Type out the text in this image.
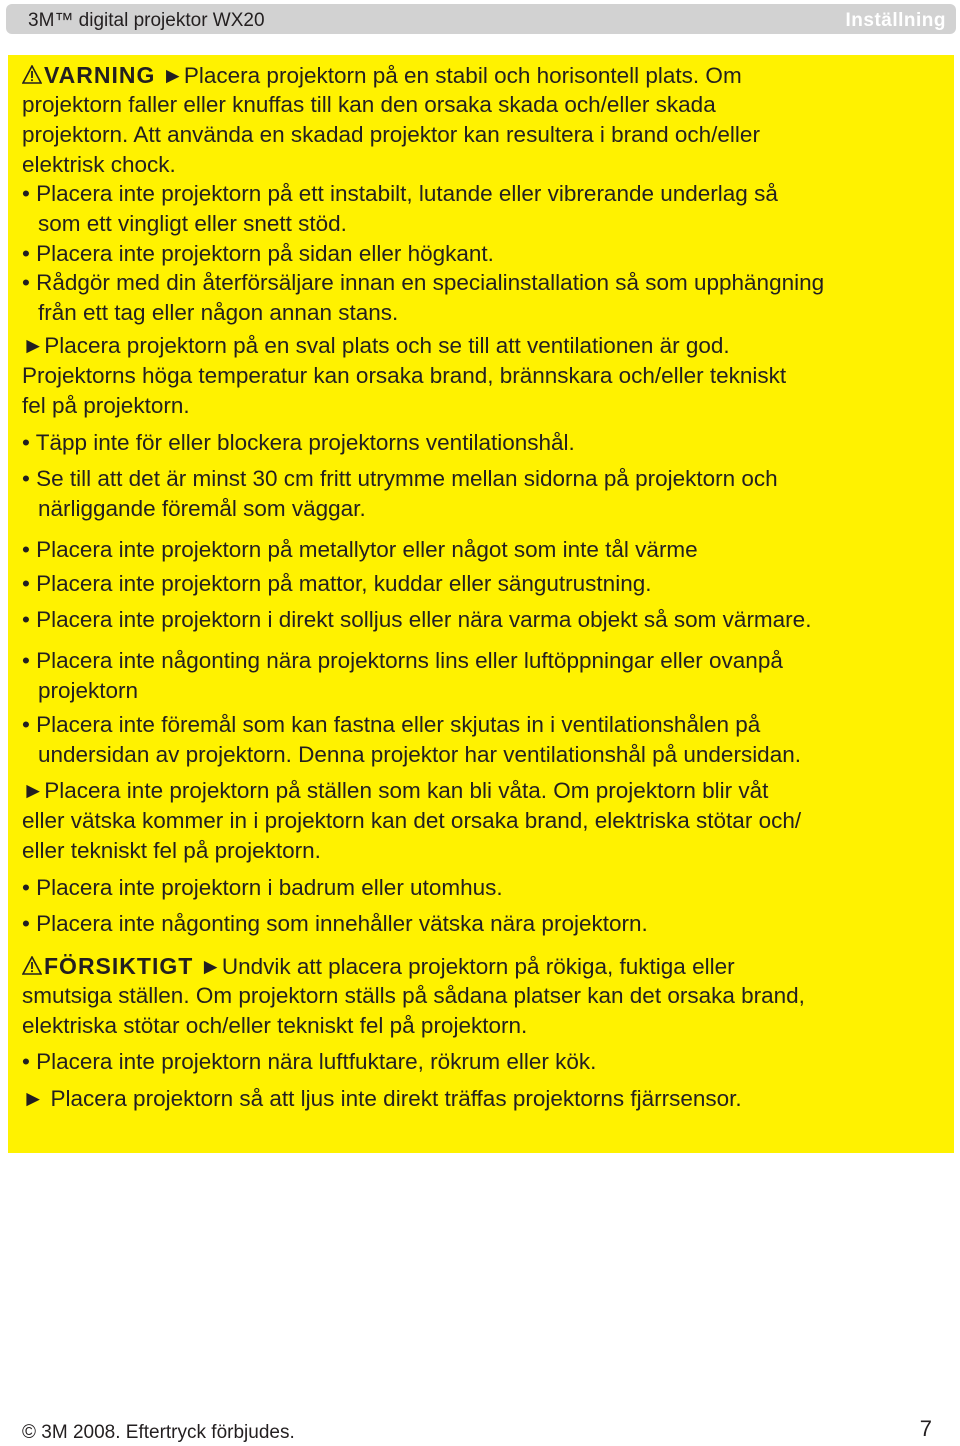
3M™ digital projektor WX20	Inställning
VARNING ►Placera projektorn på en stabil och horisontell plats. Om
projektorn faller eller knuffas till kan den orsaka skada och/eller skada
projektorn. Att använda en skadad projektor kan resultera i brand och/eller
elektrisk chock.
• Placera inte projektorn på ett instabilt, lutande eller vibrerande underlag så
som ett vingligt eller snett stöd.
• Placera inte projektorn på sidan eller högkant.
• Rådgör med din återförsäljare innan en specialinstallation så som upphängning
från ett tag eller någon annan stans.
►Placera projektorn på en sval plats och se till att ventilationen är god.
Projektorns höga temperatur kan orsaka brand, brännskara och/eller tekniskt
fel på projektorn.
• Täpp inte för eller blockera projektorns ventilationshål.
• Se till att det är minst 30 cm fritt utrymme mellan sidorna på projektorn och
närliggande föremål som väggar.
• Placera inte projektorn på metallytor eller något som inte tål värme
• Placera inte projektorn på mattor, kuddar eller sängutrustning.
• Placera inte projektorn i direkt solljus eller nära varma objekt så som värmare.
• Placera inte någonting nära projektorns lins eller luftöppningar eller ovanpå
projektorn
• Placera inte föremål som kan fastna eller skjutas in i ventilationshålen på
undersidan av projektorn. Denna projektor har ventilationshål på undersidan.
►Placera inte projektorn på ställen som kan bli våta. Om projektorn blir våt
eller vätska kommer in i projektorn kan det orsaka brand, elektriska stötar och/
eller tekniskt fel på projektorn.
• Placera inte projektorn i badrum eller utomhus.
• Placera inte någonting som innehåller vätska nära projektorn.
FÖRSIKTIGT ►Undvik att placera projektorn på rökiga, fuktiga eller
smutsiga ställen. Om projektorn ställs på sådana platser kan det orsaka brand,
elektriska stötar och/eller tekniskt fel på projektorn.
• Placera inte projektorn nära luftfuktare, rökrum eller kök.
► Placera projektorn så att ljus inte direkt träffas projektorns fjärrsensor.
© 3M 2008. Eftertryck förbjudes.	7
